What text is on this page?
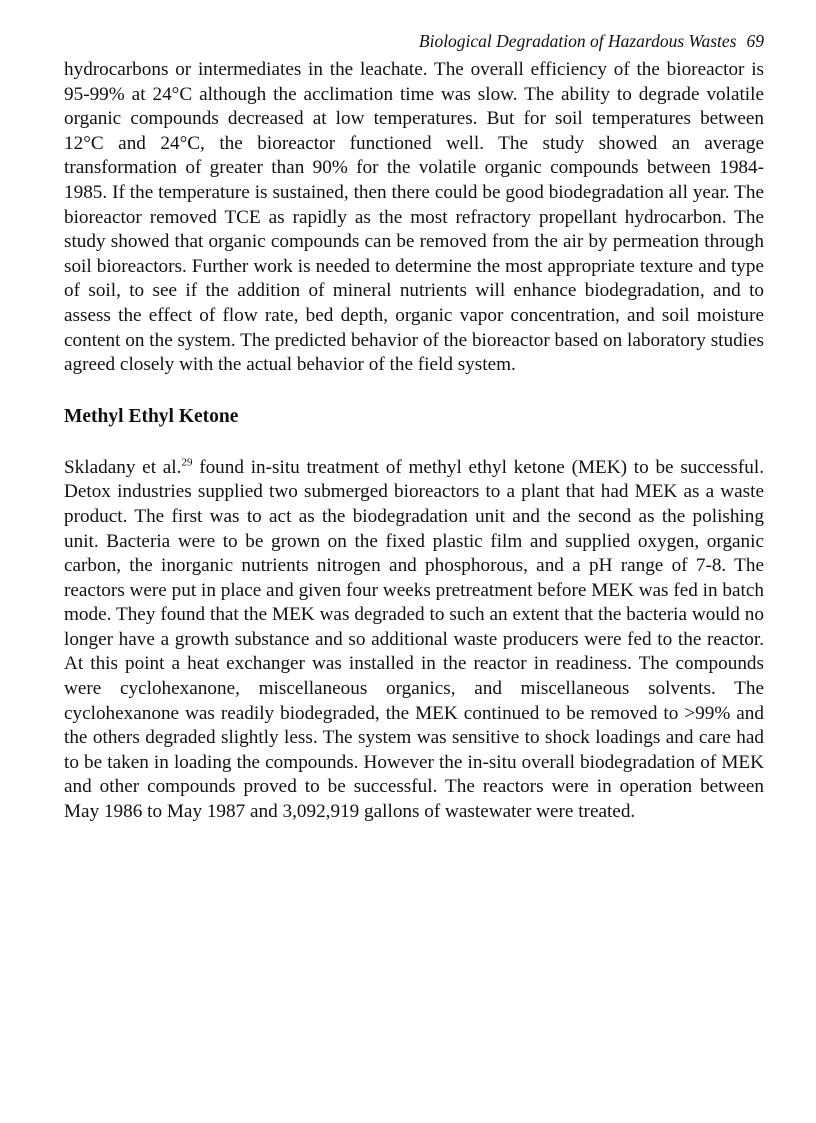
Biological Degradation of Hazardous Wastes 69

hydrocarbons or intermediates in the leachate. The overall efficiency of the bioreactor is 95-99% at 24°C although the acclimation time was slow. The ability to degrade volatile organic compounds decreased at low temperatures. But for soil temperatures between 12°C and 24°C, the bioreactor functioned well. The study showed an average transformation of greater than 90% for the volatile organic compounds between 1984-1985. If the temperature is sustained, then there could be good biodegradation all year. The bioreactor removed TCE as rapidly as the most refractory propellant hydrocarbon. The study showed that organic compounds can be removed from the air by permeation through soil bioreactors. Further work is needed to determine the most appropriate texture and type of soil, to see if the addition of mineral nutrients will enhance biodegradation, and to assess the effect of flow rate, bed depth, organic vapor concentration, and soil moisture content on the system. The predicted behavior of the bioreactor based on laboratory studies agreed closely with the actual behavior of the field system.

Methyl Ethyl Ketone

Skladany et al.$^{29}$ found in-situ treatment of methyl ethyl ketone (MEK) to be successful. Detox industries supplied two submerged bioreactors to a plant that had MEK as a waste product. The first was to act as the biodegradation unit and the second as the polishing unit. Bacteria were to be grown on the fixed plastic film and supplied oxygen, organic carbon, the inorganic nutrients nitrogen and phosphorous, and a pH range of 7-8. The reactors were put in place and given four weeks pretreatment before MEK was fed in batch mode. They found that the MEK was degraded to such an extent that the bacteria would no longer have a growth substance and so additional waste producers were fed to the reactor. At this point a heat exchanger was installed in the reactor in readiness. The compounds were cyclohexanone, miscellaneous organics, and miscellaneous solvents. The cyclohexanone was readily biodegraded, the MEK continued to be removed to >99% and the others degraded slightly less. The system was sensitive to shock loadings and care had to be taken in loading the compounds. However the in-situ overall biodegradation of MEK and other compounds proved to be successful. The reactors were in operation between May 1986 to May 1987 and 3,092,919 gallons of wastewater were treated.
